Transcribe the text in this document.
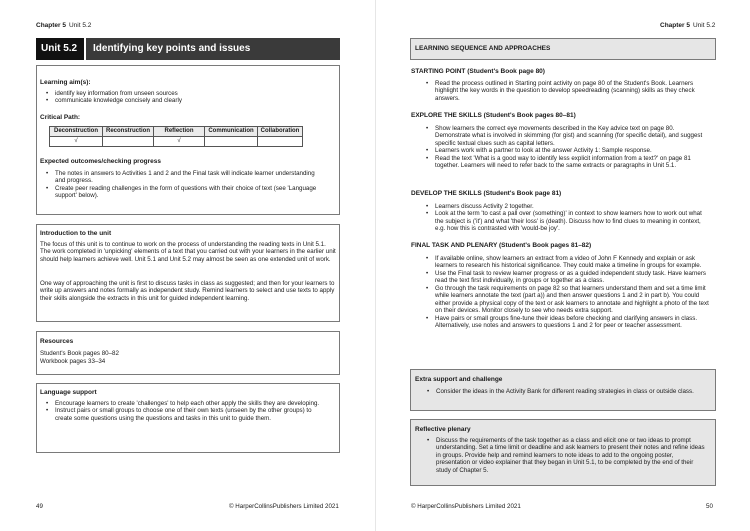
Chapter 5 Unit 5.2
Unit 5.2	Identifying key points and issues
Learning aim(s):
• identify key information from unseen sources
• communicate knowledge concisely and clearly
Critical Path:
Deconstruction	Reconstruction	Reflection	Communication	Collaboration
√		√		
Expected outcomes/checking progress
• The notes in answers to Activities 1 and 2 and the Final task will indicate learner understanding and progress.
• Create peer reading challenges in the form of questions with their choice of text (see 'Language support' below).
Introduction to the unit
The focus of this unit is to continue to work on the process of understanding the reading texts in Unit 5.1. The work completed in 'unpicking' elements of a text that you carried out with your learners in the earlier unit should help learners achieve well. Unit 5.1 and Unit 5.2 may almost be seen as one extended unit of work.
One way of approaching the unit is first to discuss tasks in class as suggested; and then for your learners to write up answers and notes formally as independent study. Remind learners to select and use texts to apply their skills alongside the extracts in this unit for guided independent learning.
Resources
Student's Book pages 80–82
Workbook pages 33–34
Language support
• Encourage learners to create 'challenges' to help each other apply the skills they are developing.
• Instruct pairs or small groups to choose one of their own texts (unseen by the other groups) to create some questions using the questions and tasks in this unit to guide them.
49	© HarperCollinsPublishers Limited 2021
Chapter 5 Unit 5.2
LEARNING SEQUENCE AND APPROACHES
STARTING POINT (Student's Book page 80)
• Read the process outlined in Starting point activity on page 80 of the Student's Book. Learners highlight the key words in the question to develop speedreading (scanning) skills as they check answers.
EXPLORE THE SKILLS (Student's Book pages 80–81)
• Show learners the correct eye movements described in the Key advice text on page 80. Demonstrate what is involved in skimming (for gist) and scanning (for specific detail), and suggest specific textual clues such as capital letters.
• Learners work with a partner to look at the answer Activity 1: Sample response.
• Read the text 'What is a good way to identify less explicit information from a text?' on page 81 together. Learners will need to refer back to the same extracts or paragraphs in Unit 5.1.
DEVELOP THE SKILLS (Student's Book page 81)
• Learners discuss Activity 2 together.
• Look at the term 'to cast a pall over (something)' in context to show learners how to work out what the subject is ('it') and what 'their loss' is (death). Discuss how to find clues to meaning in context, e.g. how this is contrasted with 'would-be joy'.
FINAL TASK AND PLENARY (Student's Book pages 81–82)
• If available online, show learners an extract from a video of John F Kennedy and explain or ask learners to research his historical significance. They could make a timeline in groups for example.
• Use the Final task to review learner progress or as a guided independent study task. Have learners read the text first individually, in groups or together as a class.
• Go through the task requirements on page 82 so that learners understand them and set a time limit while learners annotate the text (part a)) and then answer questions 1 and 2 in part b). You could either provide a physical copy of the text or ask learners to annotate and highlight a photo of the text on their devices. Monitor closely to see who needs extra support.
• Have pairs or small groups fine-tune their ideas before checking and clarifying answers in class. Alternatively, use notes and answers to questions 1 and 2 for peer or teacher assessment.
Extra support and challenge
• Consider the ideas in the Activity Bank for different reading strategies in class or outside class.
Reflective plenary
• Discuss the requirements of the task together as a class and elicit one or two ideas to prompt understanding. Set a time limit or deadline and ask learners to present their notes and refine ideas in groups. Provide help and remind learners to note ideas to add to the ongoing poster, presentation or video explainer that they began in Unit 5.1, to be completed by the end of their study of Chapter 5.
© HarperCollinsPublishers Limited 2021	50
